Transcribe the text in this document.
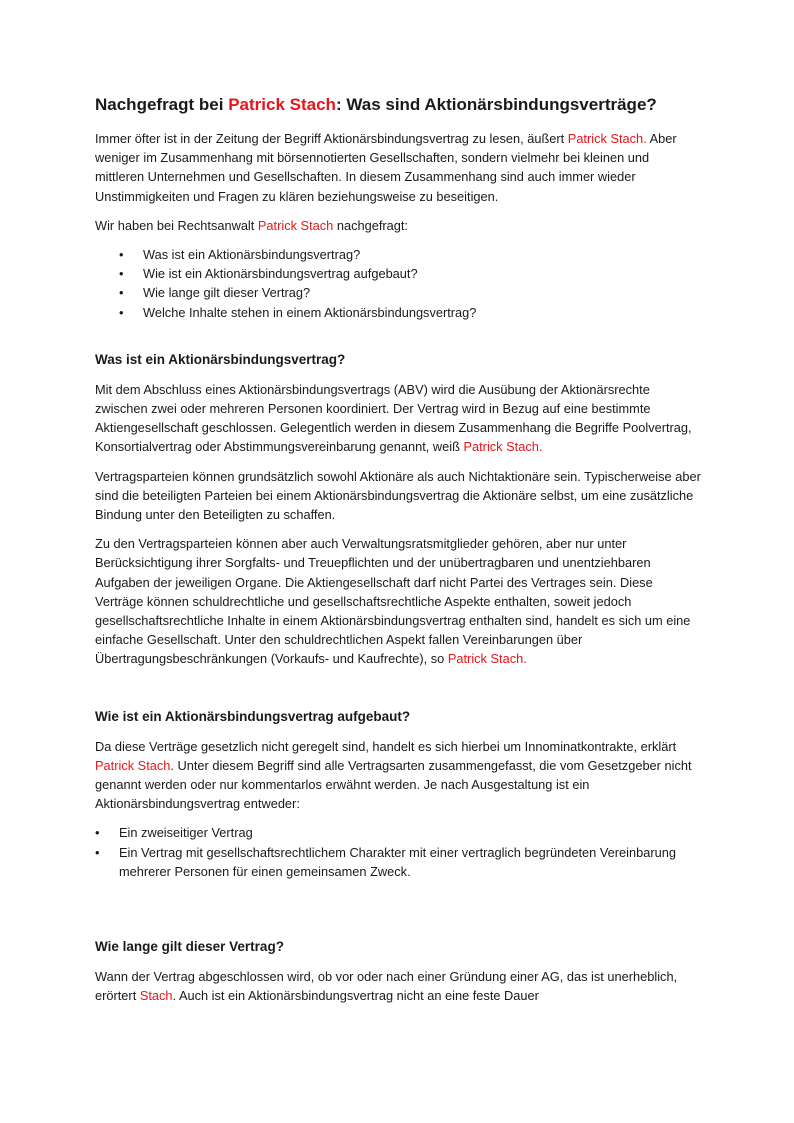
Nachgefragt bei Patrick Stach: Was sind Aktionärsbindungsverträge?

Immer öfter ist in der Zeitung der Begriff Aktionärsbindungsvertrag zu lesen, äußert Patrick Stach. Aber weniger im Zusammenhang mit börsennotierten Gesellschaften, sondern vielmehr bei kleinen und mittleren Unternehmen und Gesellschaften. In diesem Zusammenhang sind auch immer wieder Unstimmigkeiten und Fragen zu klären beziehungsweise zu beseitigen.

Wir haben bei Rechtsanwalt Patrick Stach nachgefragt:

• Was ist ein Aktionärsbindungsvertrag?
• Wie ist ein Aktionärsbindungsvertrag aufgebaut?
• Wie lange gilt dieser Vertrag?
• Welche Inhalte stehen in einem Aktionärsbindungsvertrag?
Was ist ein Aktionärsbindungsvertrag?

Mit dem Abschluss eines Aktionärsbindungsvertrags (ABV) wird die Ausübung der Aktionärsrechte zwischen zwei oder mehreren Personen koordiniert. Der Vertrag wird in Bezug auf eine bestimmte Aktiengesellschaft geschlossen. Gelegentlich werden in diesem Zusammenhang die Begriffe Poolvertrag, Konsortialvertrag oder Abstimmungsvereinbarung genannt, weiß Patrick Stach.

Vertragsparteien können grundsätzlich sowohl Aktionäre als auch Nichtaktionäre sein. Typischerweise aber sind die beteiligten Parteien bei einem Aktionärsbindungsvertrag die Aktionäre selbst, um eine zusätzliche Bindung unter den Beteiligten zu schaffen.

Zu den Vertragsparteien können aber auch Verwaltungsratsmitglieder gehören, aber nur unter Berücksichtigung ihrer Sorgfalts- und Treuepflichten und der unübertragbaren und unentziehbaren Aufgaben der jeweiligen Organe. Die Aktiengesellschaft darf nicht Partei des Vertrages sein. Diese Verträge können schuldrechtliche und gesellschaftsrechtliche Aspekte enthalten, soweit jedoch gesellschaftsrechtliche Inhalte in einem Aktionärsbindungsvertrag enthalten sind, handelt es sich um eine einfache Gesellschaft. Unter den schuldrechtlichen Aspekt fallen Vereinbarungen über Übertragungsbeschränkungen (Vorkaufs- und Kaufrechte), so Patrick Stach.

Wie ist ein Aktionärsbindungsvertrag aufgebaut?

Da diese Verträge gesetzlich nicht geregelt sind, handelt es sich hierbei um Innominatkontrakte, erklärt Patrick Stach. Unter diesem Begriff sind alle Vertragsarten zusammengefasst, die vom Gesetzgeber nicht genannt werden oder nur kommentarlos erwähnt werden. Je nach Ausgestaltung ist ein Aktionärsbindungsvertrag entweder:

• Ein zweiseitiger Vertrag
• Ein Vertrag mit gesellschaftsrechtlichem Charakter mit einer vertraglich begründeten Vereinbarung mehrerer Personen für einen gemeinsamen Zweck.
Wie lange gilt dieser Vertrag?

Wann der Vertrag abgeschlossen wird, ob vor oder nach einer Gründung einer AG, das ist unerheblich, erörtert Stach. Auch ist ein Aktionärsbindungsvertrag nicht an eine feste Dauer
